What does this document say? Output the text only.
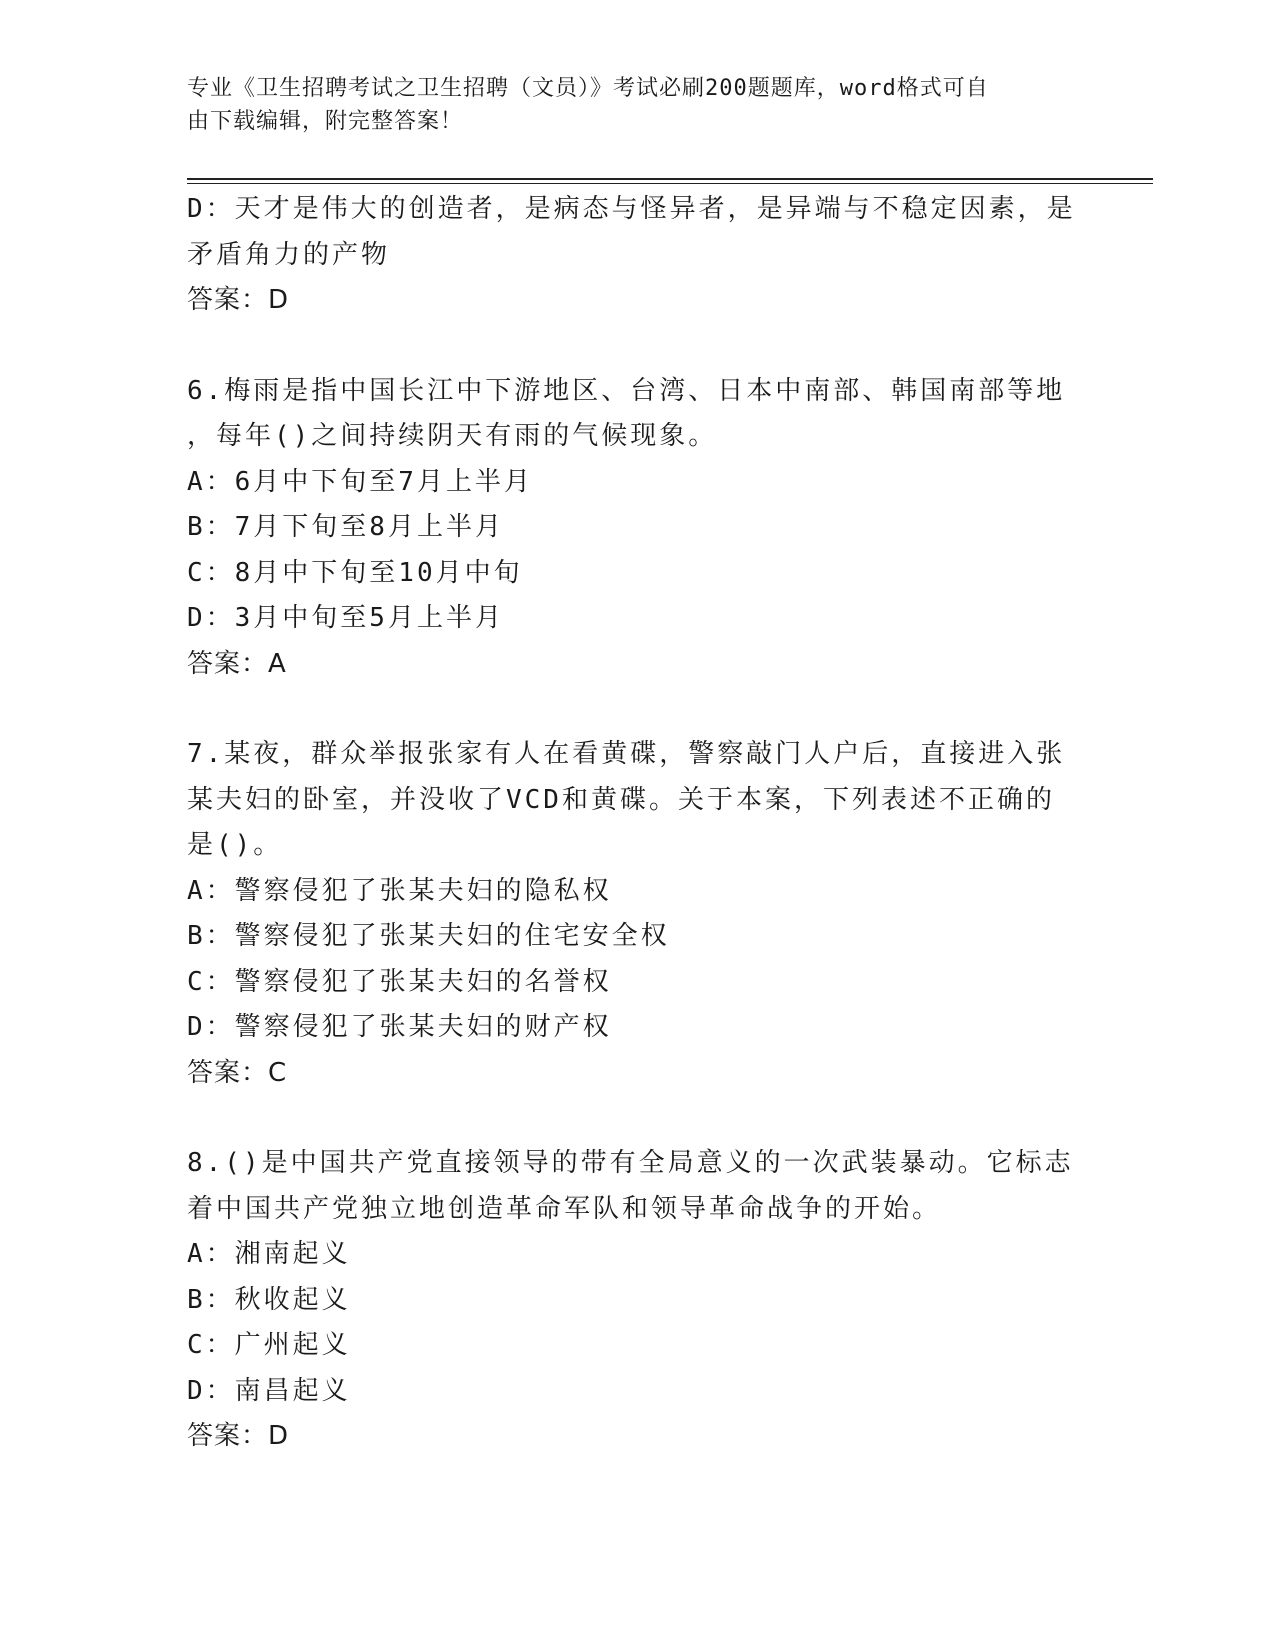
专业《卫生招聘考试之卫生招聘（文员）》考试必刷200题题库，word格式可自
由下载编辑，附完整答案！
D：天才是伟大的创造者，是病态与怪异者，是异端与不稳定因素，是
矛盾角力的产物
答案：D
6.梅雨是指中国长江中下游地区、台湾、日本中南部、韩国南部等地
，每年()之间持续阴天有雨的气候现象。
A：6月中下旬至7月上半月
B：7月下旬至8月上半月
C：8月中下旬至10月中旬
D：3月中旬至5月上半月
答案：A
7.某夜，群众举报张家有人在看黄碟，警察敲门人户后，直接进入张
某夫妇的卧室，并没收了VCD和黄碟。关于本案，下列表述不正确的
是()。
A：警察侵犯了张某夫妇的隐私权
B：警察侵犯了张某夫妇的住宅安全权
C：警察侵犯了张某夫妇的名誉权
D：警察侵犯了张某夫妇的财产权
答案：C
8.()是中国共产党直接领导的带有全局意义的一次武装暴动。它标志
着中国共产党独立地创造革命军队和领导革命战争的开始。
A：湘南起义
B：秋收起义
C：广州起义
D：南昌起义
答案：D
